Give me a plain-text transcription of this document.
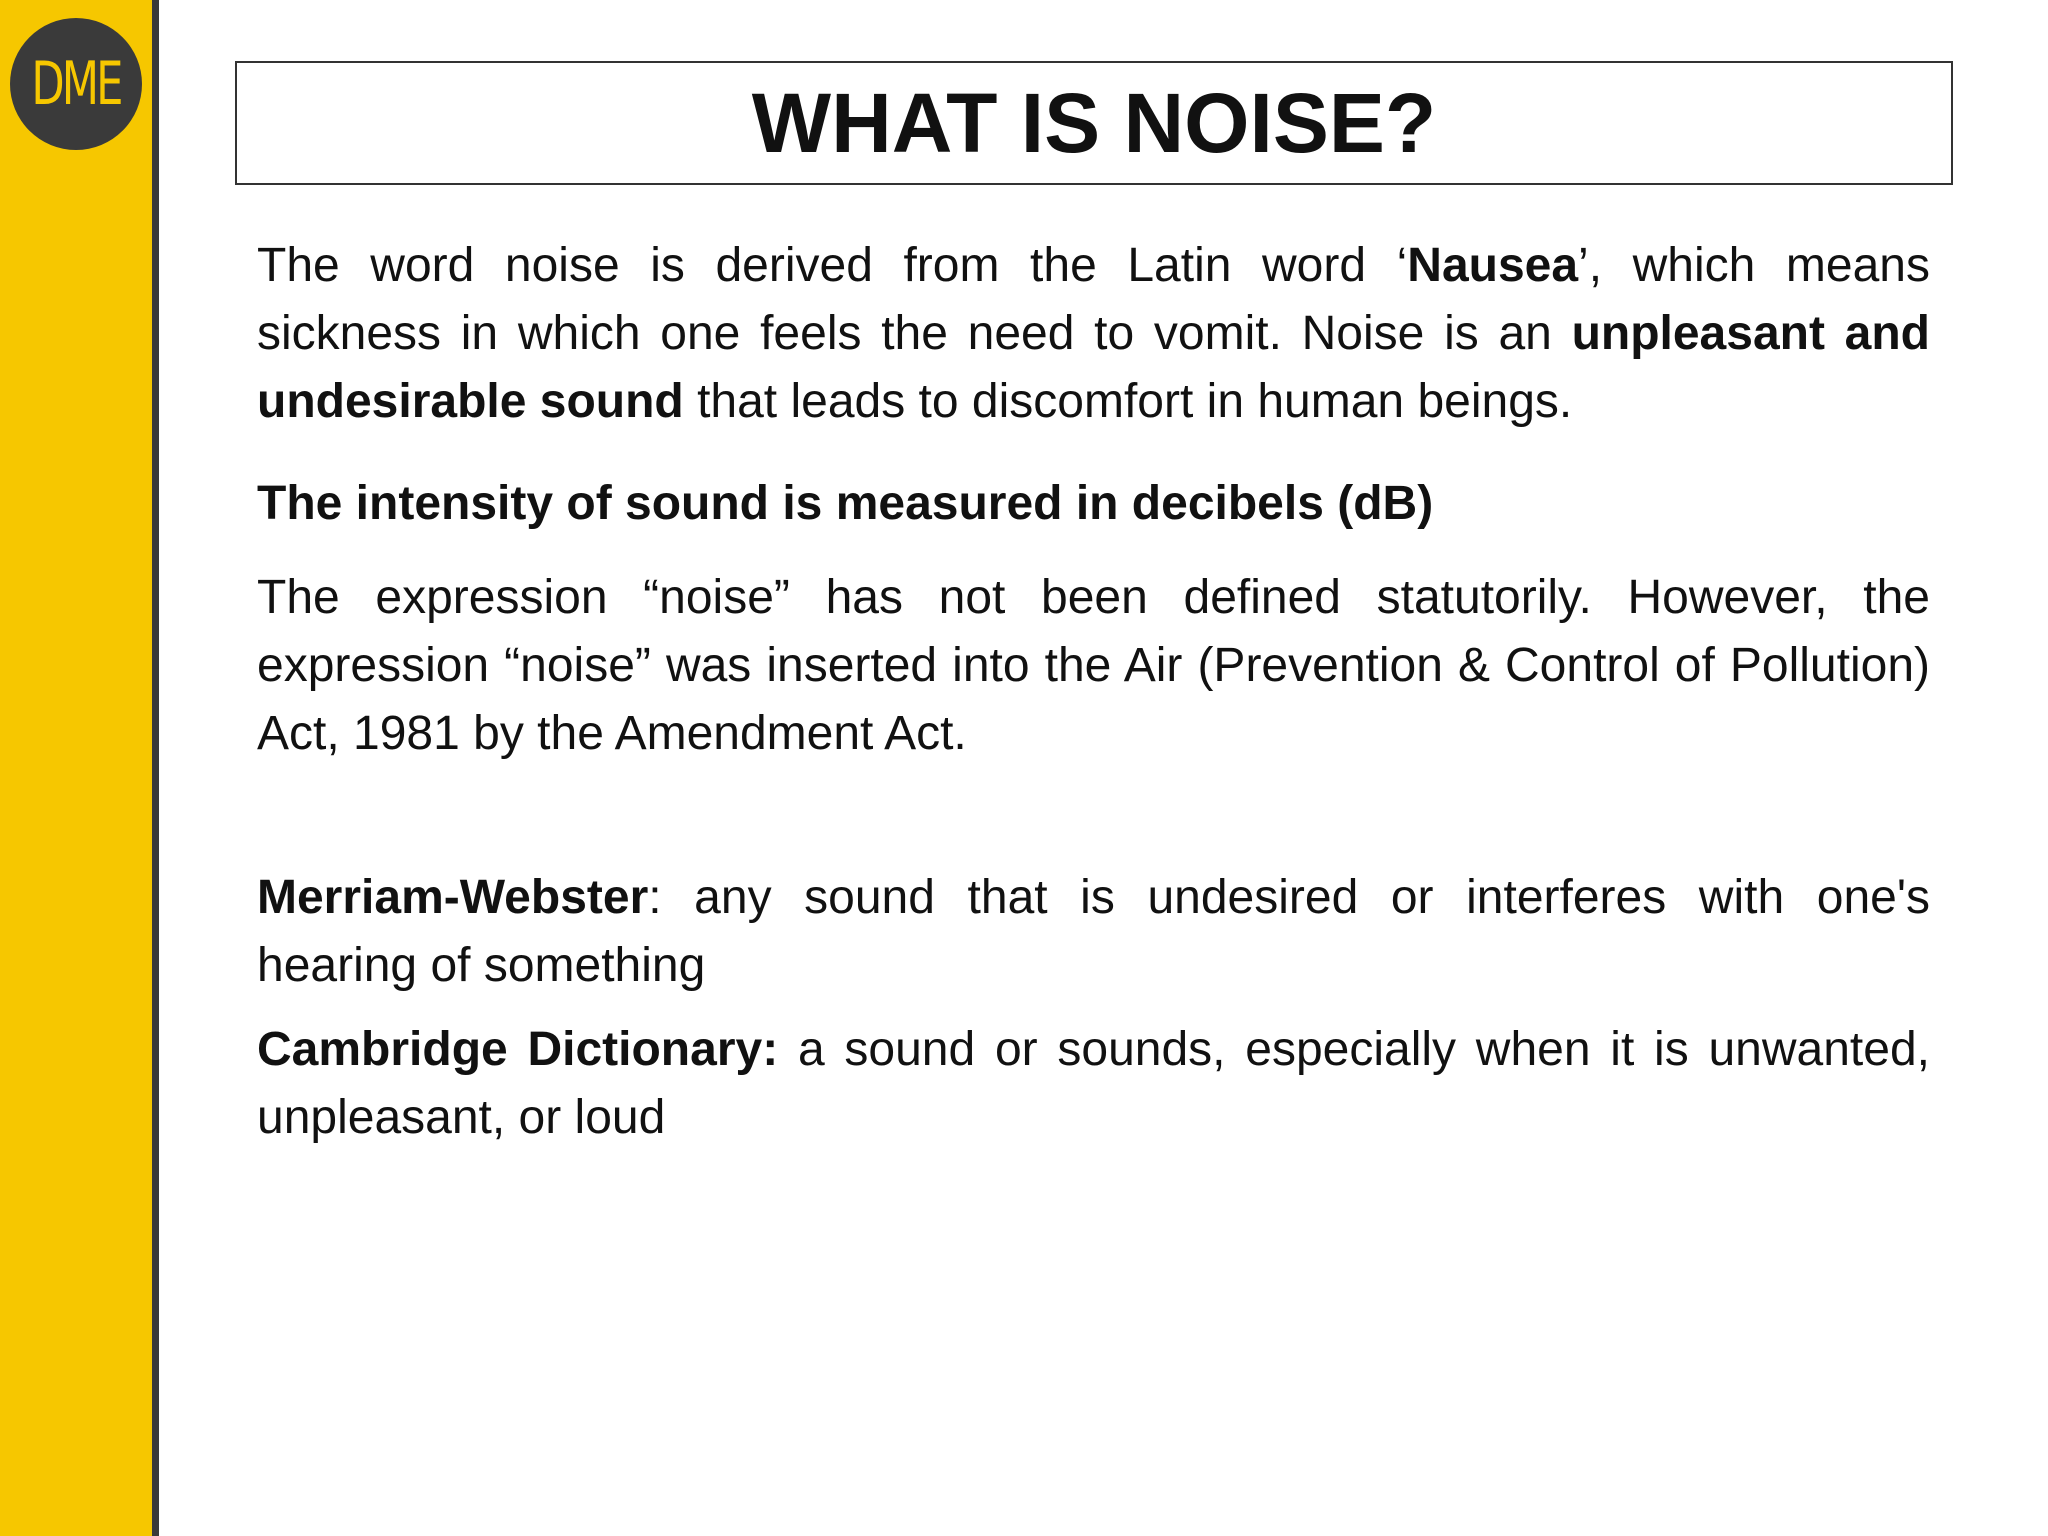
DME	WHAT IS NOISE?

The word noise is derived from the Latin word ‘Nausea’, which means sickness in which one feels the need to vomit. Noise is an unpleasant and undesirable sound that leads to discomfort in human beings.

The intensity of sound is measured in decibels (dB)

The expression “noise” has not been defined statutorily. However, the expression “noise” was inserted into the Air (Prevention & Control of Pollution) Act, 1981 by the Amendment Act.

Merriam-Webster: any sound that is undesired or interferes with one's hearing of something

Cambridge Dictionary: a sound or sounds, especially when it is unwanted, unpleasant, or loud
